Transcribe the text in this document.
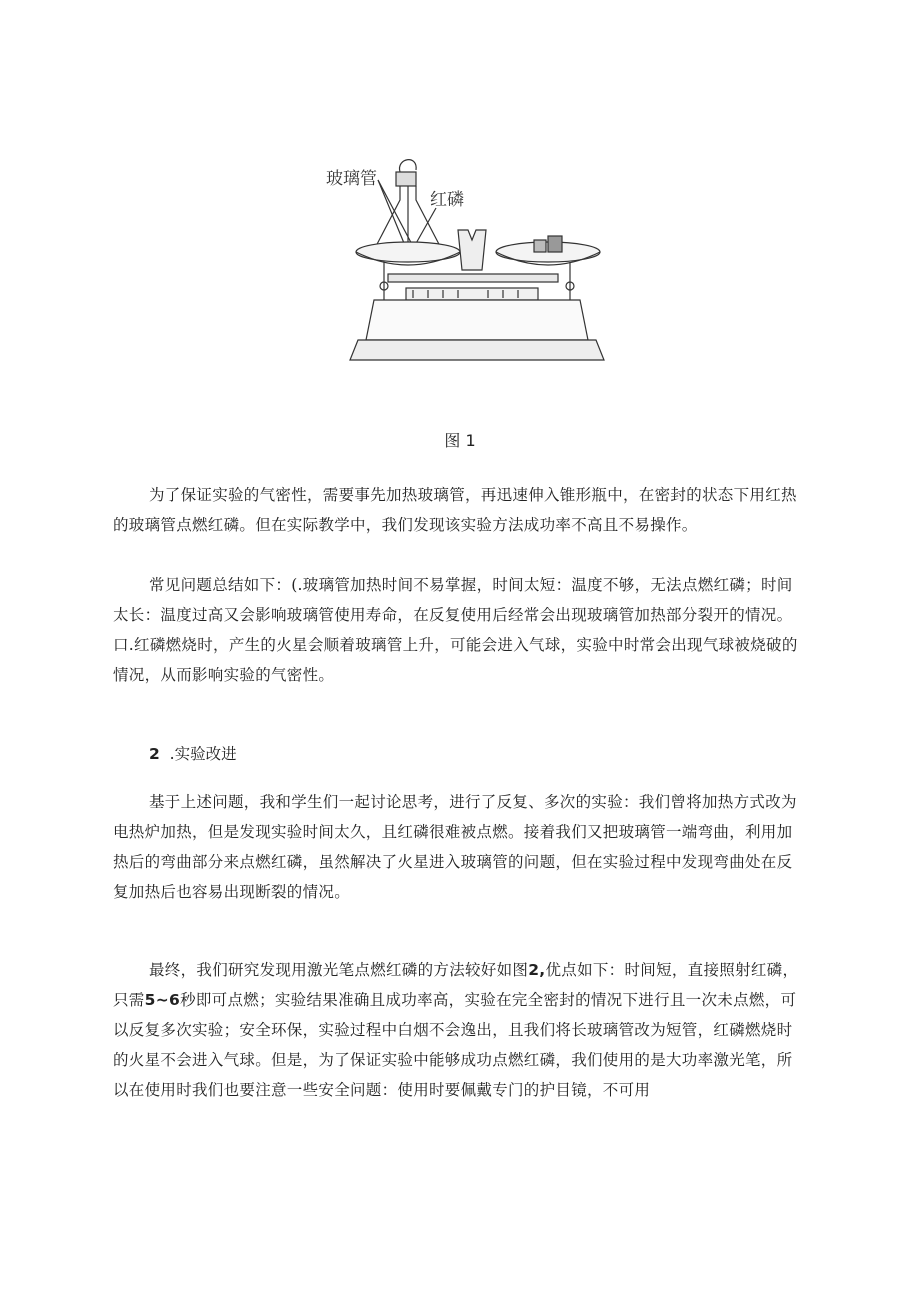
玻璃管
红磷
图 1

为了保证实验的气密性，需要事先加热玻璃管，再迅速伸入锥形瓶中，在密封的状态下用红热的玻璃管点燃红磷。但在实际教学中，我们发现该实验方法成功率不高且不易操作。

常见问题总结如下：(.玻璃管加热时间不易掌握，时间太短：温度不够，无法点燃红磷；时间太长：温度过高又会影响玻璃管使用寿命，在反复使用后经常会出现玻璃管加热部分裂开的情况。口.红磷燃烧时，产生的火星会顺着玻璃管上升，可能会进入气球，实验中时常会出现气球被烧破的情况，从而影响实验的气密性。

2 .实验改进

基于上述问题，我和学生们一起讨论思考，进行了反复、多次的实验：我们曾将加热方式改为电热炉加热，但是发现实验时间太久，且红磷很难被点燃。接着我们又把玻璃管一端弯曲，利用加热后的弯曲部分来点燃红磷，虽然解决了火星进入玻璃管的问题，但在实验过程中发现弯曲处在反复加热后也容易出现断裂的情况。

最终，我们研究发现用激光笔点燃红磷的方法较好如图2,优点如下：时间短，直接照射红磷，只需5~6秒即可点燃；实验结果准确且成功率高，实验在完全密封的情况下进行且一次未点燃，可以反复多次实验；安全环保，实验过程中白烟不会逸出，且我们将长玻璃管改为短管，红磷燃烧时的火星不会进入气球。但是，为了保证实验中能够成功点燃红磷，我们使用的是大功率激光笔，所以在使用时我们也要注意一些安全问题：使用时要佩戴专门的护目镜，不可用
